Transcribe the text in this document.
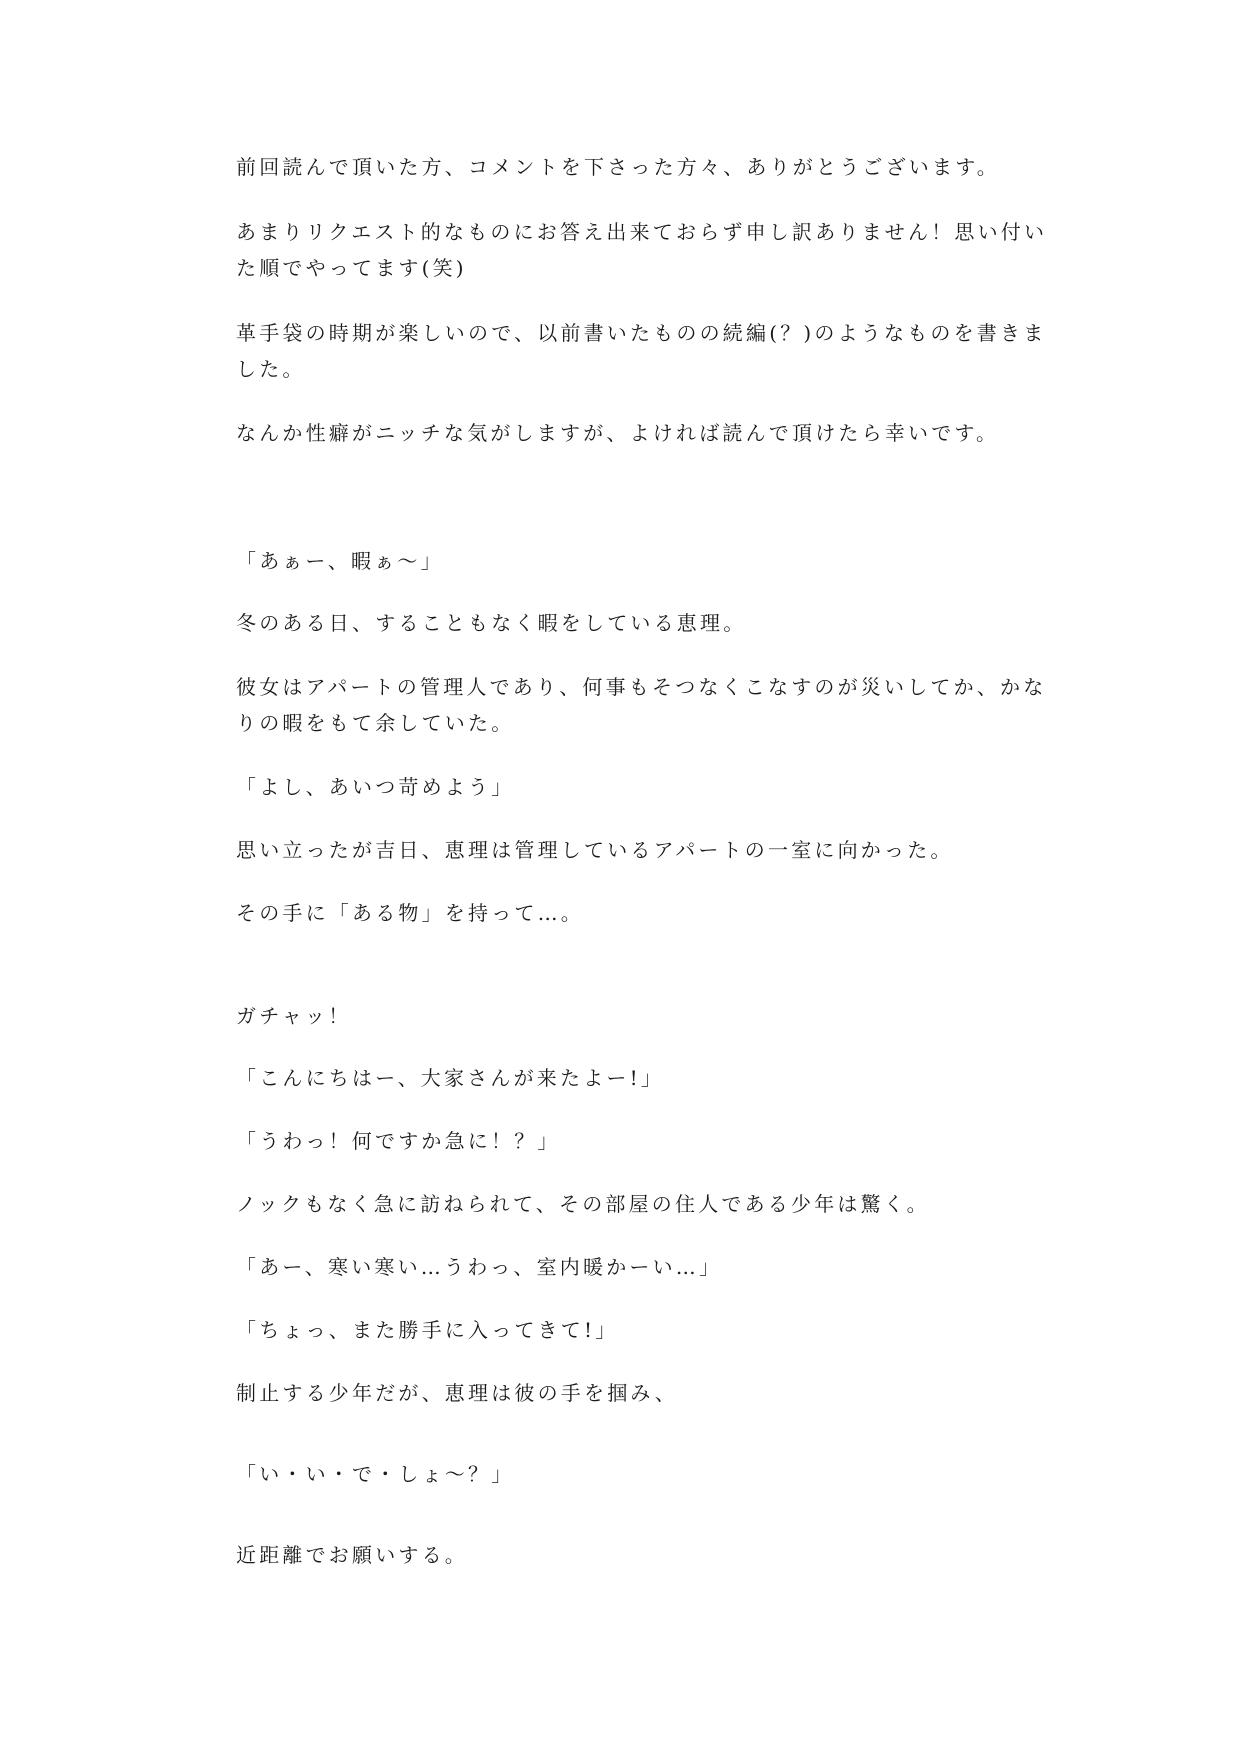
前回読んで頂いた方、コメントを下さった方々、ありがとうございます。
あまりリクエスト的なものにお答え出来ておらず申し訳ありません！思い付い
た順でやってます(笑)
革手袋の時期が楽しいので、以前書いたものの続編(？)のようなものを書きま
した。
なんか性癖がニッチな気がしますが、よければ読んで頂けたら幸いです。
「あぁー、暇ぁ～」
冬のある日、することもなく暇をしている恵理。
彼女はアパートの管理人であり、何事もそつなくこなすのが災いしてか、かな
りの暇をもて余していた。
「よし、あいつ苛めよう」
思い立ったが吉日、恵理は管理しているアパートの一室に向かった。
その手に「ある物」を持って…。
ガチャッ！
「こんにちはー、大家さんが来たよー!」
「うわっ！何ですか急に！？」
ノックもなく急に訪ねられて、その部屋の住人である少年は驚く。
「あー、寒い寒い…うわっ、室内暖かーい…」
「ちょっ、また勝手に入ってきて!」
制止する少年だが、恵理は彼の手を掴み、
「い・い・で・しょ～？」
近距離でお願いする。
